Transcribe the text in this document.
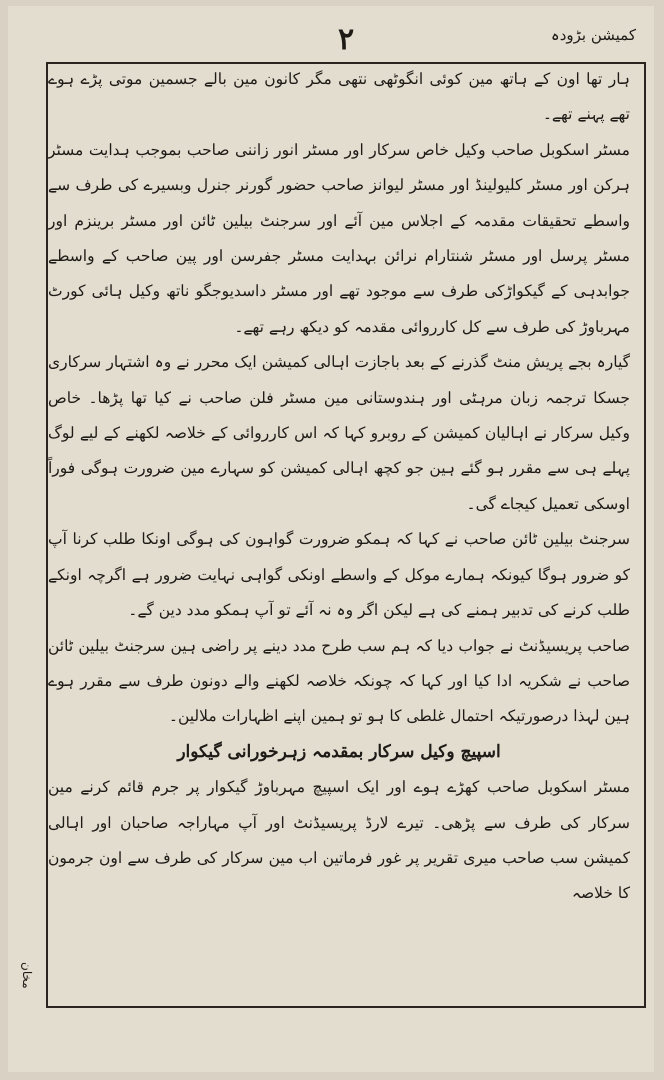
۲	کمیشن بڑودہ

ہار تھا اون کے ہاتھ مین کوئی انگوٹھی نتھی مگر کانون مین بالے جسمین موتی پڑے ہوے تھے پہنے تھے۔

مسٹر اسکوبل صاحب وکیل خاص سرکار اور مسٹر انور زاننی صاحب بموجب ہدایت مسٹر ہرکن اور مسٹر کلیولینڈ اور مسٹر لیوانز صاحب حضور گورنر جنرل وبسیرے کی طرف سے واسطے تحقیقات مقدمہ کے اجلاس مین آئے اور سرجنٹ بیلین ٹائن اور مسٹر برینزم اور مسٹر پرسل اور مسٹر شنتارام نرائن بہدایت مسٹر جفرسن اور پین صاحب کے واسطے جوابدہی کے گیکواڑکی طرف سے موجود تھے اور مسٹر داسدیوجگو ناتھ وکیل ہائی کورٹ مہرباوڑ کی طرف سے کل کارروائی مقدمہ کو دیکھ رہے تھے۔

گیارہ بجے پریش منٹ گذرنے کے بعد باجازت اہالی کمیشن ایک محرر نے وہ اشتہار سرکاری جسکا ترجمہ زبان مرہٹی اور ہندوستانی مین مسٹر فلن صاحب نے کیا تھا پڑھا۔ خاص وکیل سرکار نے اہالیان کمیشن کے روبرو کہا کہ اس کارروائی کے خلاصہ لکھنے کے لیے لوگ پہلے ہی سے مقرر ہو گئے ہین جو کچھ اہالی کمیشن کو سہارے مین ضرورت ہوگی فوراً اوسکی تعمیل کیجاے گی۔

سرجنٹ بیلین ٹائن صاحب نے کہا کہ ہمکو ضرورت گواہون کی ہوگی اونکا طلب کرنا آپ کو ضرور ہوگا کیونکہ ہمارے موکل کے واسطے اونکی گواہی نہایت ضرور ہے اگرچہ اونکے طلب کرنے کی تدبیر ہمنے کی ہے لیکن اگر وہ نہ آئے تو آپ ہمکو مدد دین گے۔

صاحب پریسیڈنٹ نے جواب دیا کہ ہم سب طرح مدد دینے پر راضی ہین سرجنٹ بیلین ٹائن صاحب نے شکریہ ادا کیا اور کہا کہ چونکہ خلاصہ لکھنے والے دونون طرف سے مقرر ہوے ہین لہذا درصورتیکہ احتمال غلطی کا ہو تو ہمین اپنے اظہارات ملالین۔

اسپیچ وکیل سرکار بمقدمہ زہرخورانی گیکوار

مسٹر اسکوبل صاحب کھڑے ہوے اور ایک اسپیچ مہرباوڑ گیکوار پر جرم قائم کرنے مین سرکار کی طرف سے پڑھی۔ تیرے لارڈ پریسیڈنٹ اور آپ مہاراجہ صاحبان اور اہالی کمیشن سب صاحب میری تقریر پر غور فرماتین اب مین سرکار کی طرف سے اون جرمون کا خلاصہ

مخان
